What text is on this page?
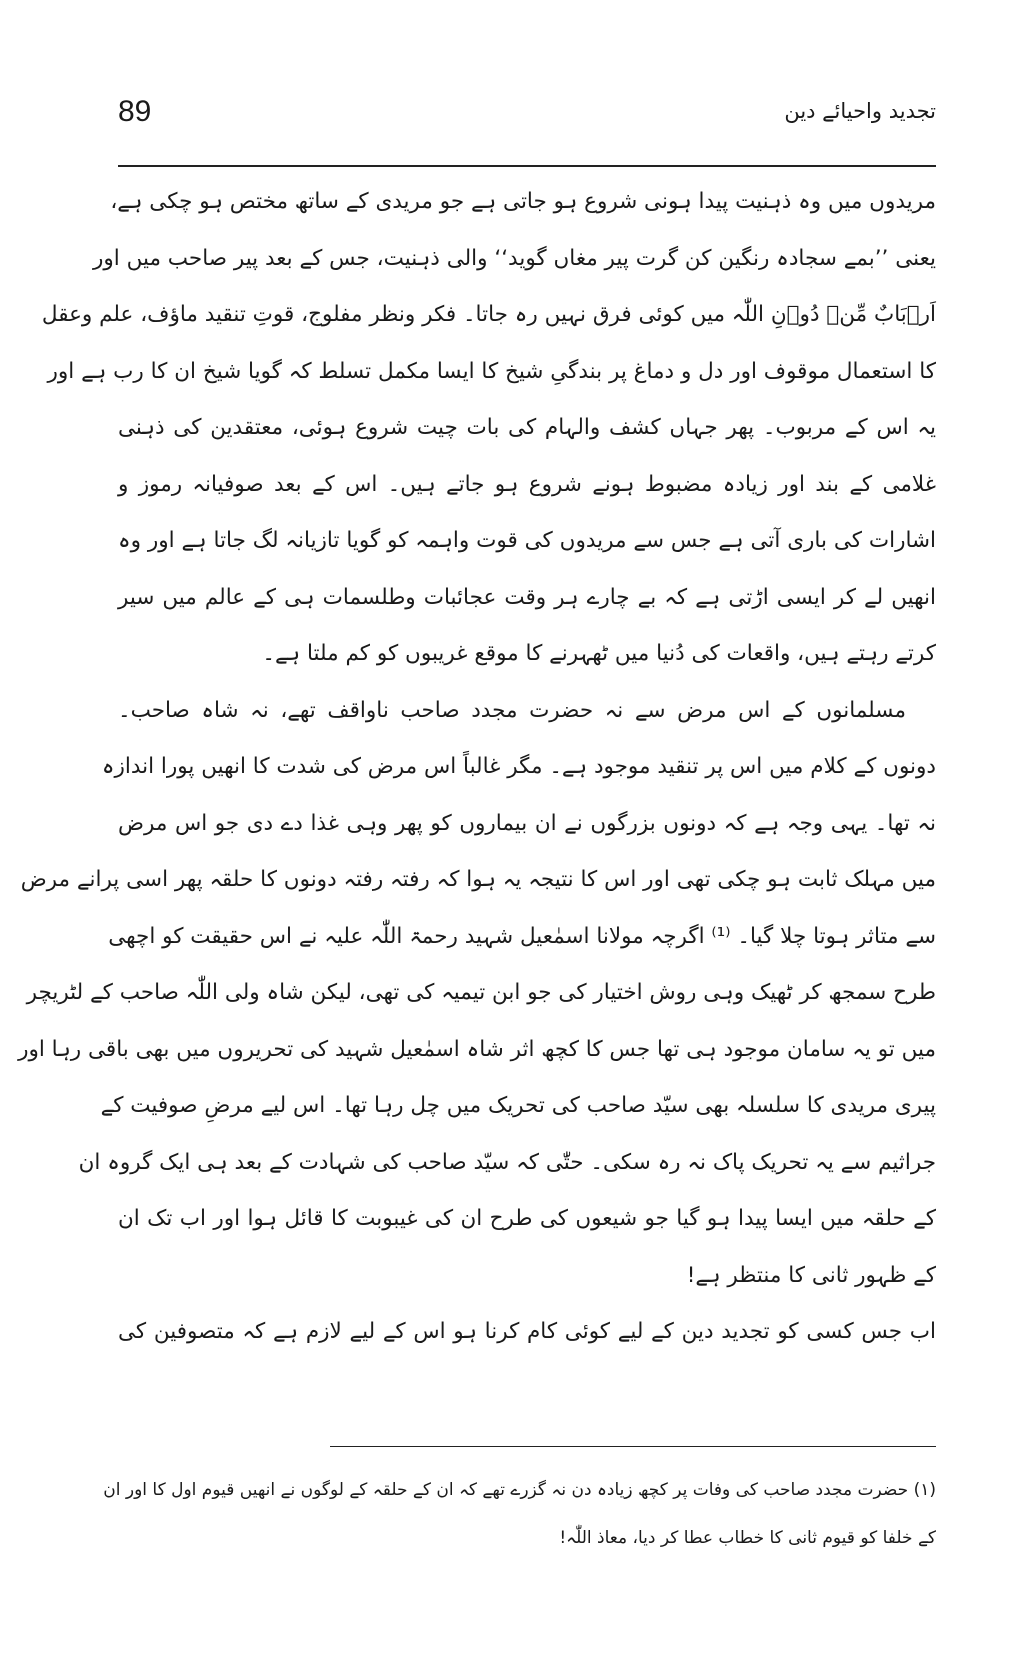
89	تجدید واحیائے دین
مریدوں میں وہ ذہنیت پیدا ہونی شروع ہو جاتی ہے جو مریدی کے ساتھ مختص ہو چکی ہے،
یعنی ’’بمے سجادہ رنگین کن گرت پیر مغاں گوید‘‘ والی ذہنیت، جس کے بعد پیر صاحب میں اور
اَرۡبَابٌ مِّنۡ دُوۡنِ اللّٰہ میں کوئی فرق نہیں رہ جاتا۔ فکر ونظر مفلوج، قوتِ تنقید ماؤف، علم وعقل
کا استعمال موقوف اور دل و دماغ پر بندگیِ شیخ کا ایسا مکمل تسلط کہ گویا شیخ ان کا رب ہے اور
یہ اس کے مربوب۔ پھر جہاں کشف والہام کی بات چیت شروع ہوئی، معتقدین کی ذہنی
غلامی کے بند اور زیادہ مضبوط ہونے شروع ہو جاتے ہیں۔ اس کے بعد صوفیانہ رموز و
اشارات کی باری آتی ہے جس سے مریدوں کی قوت واہمہ کو گویا تازیانہ لگ جاتا ہے اور وہ
انھیں لے کر ایسی اڑتی ہے کہ بے چارے ہر وقت عجائبات وطلسمات ہی کے عالم میں سیر
کرتے رہتے ہیں، واقعات کی دُنیا میں ٹھہرنے کا موقع غریبوں کو کم ملتا ہے۔
مسلمانوں کے اس مرض سے نہ حضرت مجدد صاحب ناواقف تھے، نہ شاہ صاحب۔
دونوں کے کلام میں اس پر تنقید موجود ہے۔ مگر غالباً اس مرض کی شدت کا انھیں پورا اندازہ
نہ تھا۔ یہی وجہ ہے کہ دونوں بزرگوں نے ان بیماروں کو پھر وہی غذا دے دی جو اس مرض
میں مہلک ثابت ہو چکی تھی اور اس کا نتیجہ یہ ہوا کہ رفتہ رفتہ دونوں کا حلقہ پھر اسی پرانے مرض
سے متاثر ہوتا چلا گیا۔ ⁽¹⁾ اگرچہ مولانا اسمٰعیل شہید رحمۃ اللّٰہ علیہ نے اس حقیقت کو اچھی
طرح سمجھ کر ٹھیک وہی روش اختیار کی جو ابن تیمیہ کی تھی، لیکن شاہ ولی اللّٰہ صاحب کے لٹریچر
میں تو یہ سامان موجود ہی تھا جس کا کچھ اثر شاہ اسمٰعیل شہید کی تحریروں میں بھی باقی رہا اور
پیری مریدی کا سلسلہ بھی سیّد صاحب کی تحریک میں چل رہا تھا۔ اس لیے مرضِ صوفیت کے
جراثیم سے یہ تحریک پاک نہ رہ سکی۔ حتّٰی کہ سیّد صاحب کی شہادت کے بعد ہی ایک گروہ ان
کے حلقہ میں ایسا پیدا ہو گیا جو شیعوں کی طرح ان کی غیبوبت کا قائل ہوا اور اب تک ان
کے ظہور ثانی کا منتظر ہے!
اب جس کسی کو تجدید دین کے لیے کوئی کام کرنا ہو اس کے لیے لازم ہے کہ متصوفین کی
(۱) حضرت مجدد صاحب کی وفات پر کچھ زیادہ دن نہ گزرے تھے کہ ان کے حلقہ کے لوگوں نے انھیں قیوم اول کا اور ان
کے خلفا کو قیوم ثانی کا خطاب عطا کر دیا، معاذ اللّٰہ!
